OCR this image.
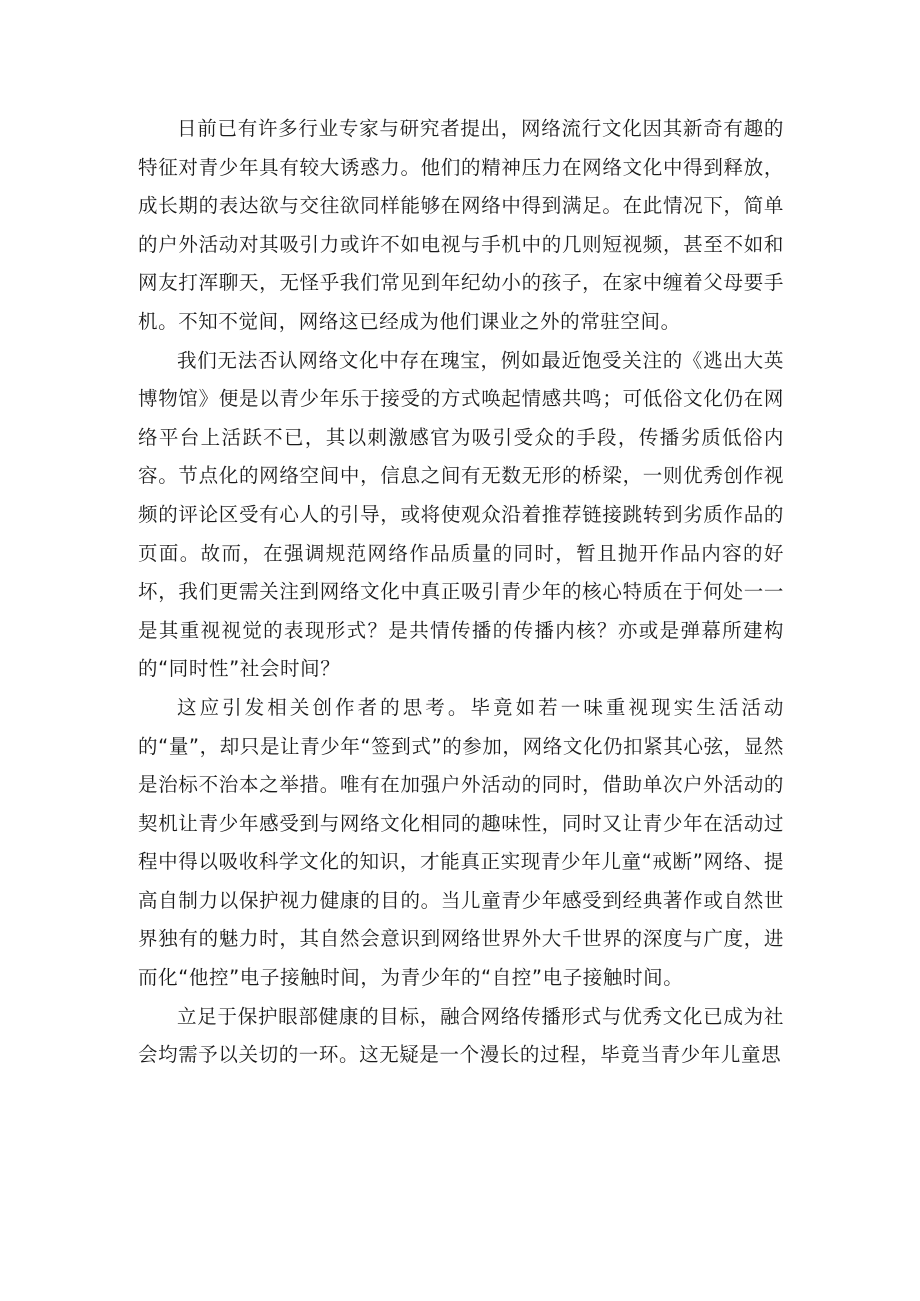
日前已有许多行业专家与研究者提出，网络流行文化因其新奇有趣的特征对青少年具有较大诱惑力。他们的精神压力在网络文化中得到释放，成长期的表达欲与交往欲同样能够在网络中得到满足。在此情况下，简单的户外活动对其吸引力或许不如电视与手机中的几则短视频，甚至不如和网友打浑聊天，无怪乎我们常见到年纪幼小的孩子，在家中缠着父母要手机。不知不觉间，网络这已经成为他们课业之外的常驻空间。

我们无法否认网络文化中存在瑰宝，例如最近饱受关注的《逃出大英博物馆》便是以青少年乐于接受的方式唤起情感共鸣；可低俗文化仍在网络平台上活跃不已，其以刺激感官为吸引受众的手段，传播劣质低俗内容。节点化的网络空间中，信息之间有无数无形的桥梁，一则优秀创作视频的评论区受有心人的引导，或将使观众沿着推荐链接跳转到劣质作品的页面。故而，在强调规范网络作品质量的同时，暂且抛开作品内容的好坏，我们更需关注到网络文化中真正吸引青少年的核心特质在于何处一一是其重视视觉的表现形式？是共情传播的传播内核？亦或是弹幕所建构的“同时性”社会时间？

这应引发相关创作者的思考。毕竟如若一味重视现实生活活动的“量”，却只是让青少年“签到式”的参加，网络文化仍扣紧其心弦，显然是治标不治本之举措。唯有在加强户外活动的同时，借助单次户外活动的契机让青少年感受到与网络文化相同的趣味性，同时又让青少年在活动过程中得以吸收科学文化的知识，才能真正实现青少年儿童“戒断”网络、提高自制力以保护视力健康的目的。当儿童青少年感受到经典著作或自然世界独有的魅力时，其自然会意识到网络世界外大千世界的深度与广度，进而化“他控”电子接触时间，为青少年的“自控”电子接触时间。

立足于保护眼部健康的目标，融合网络传播形式与优秀文化已成为社会均需予以关切的一环。这无疑是一个漫长的过程，毕竟当青少年儿童思
